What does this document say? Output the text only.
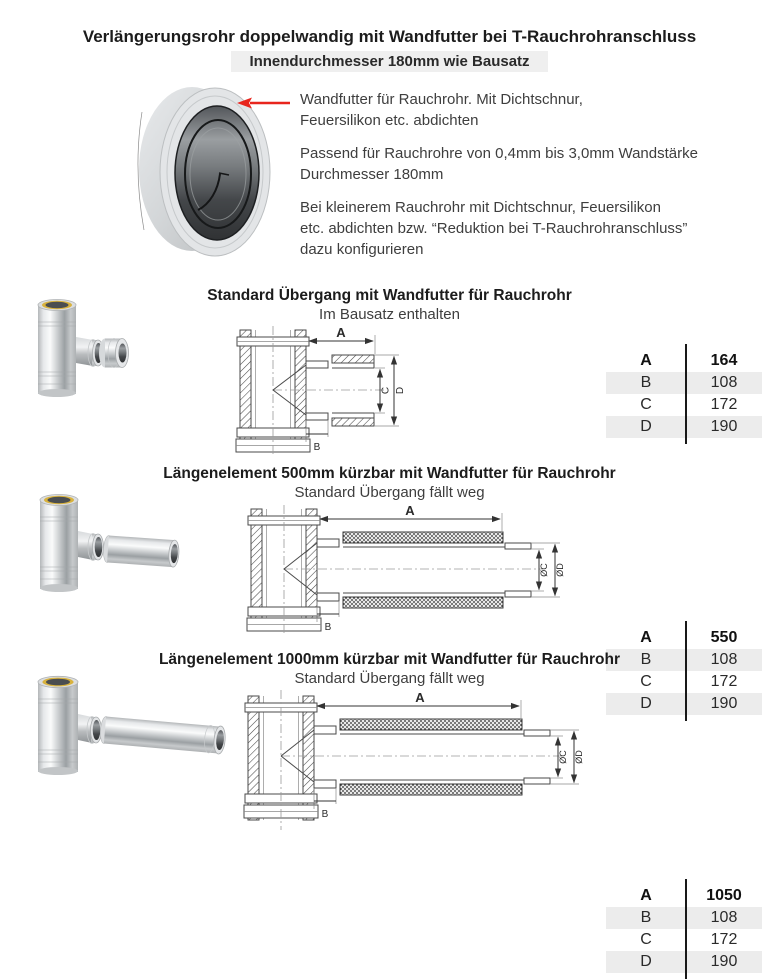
Verlängerungsrohr doppelwandig mit Wandfutter bei T-Rauchrohranschluss
Innendurchmesser 180mm wie Bausatz

Wandfutter für Rauchrohr. Mit Dichtschnur,
Feuersilikon etc. abdichten

Passend für Rauchrohre von 0,4mm bis 3,0mm Wandstärke
Durchmesser 180mm

Bei kleinerem Rauchrohr mit Dichtschnur, Feuersilikon
etc. abdichten bzw. “Reduktion bei T-Rauchrohranschluss”
dazu konfigurieren

Standard Übergang mit Wandfutter für Rauchrohr
Im Bausatz enthalten
A
B
C D
A	164
B	108
C	172
D	190
Längenelement 500mm kürzbar mit Wandfutter für Rauchrohr
Standard Übergang fällt weg
A
B
ØC ØD
A	550
B	108
C	172
D	190
Längenelement 1000mm kürzbar mit Wandfutter für Rauchrohr
Standard Übergang fällt weg
A
B
ØC ØD
A	1050
B	108
C	172
D	190
